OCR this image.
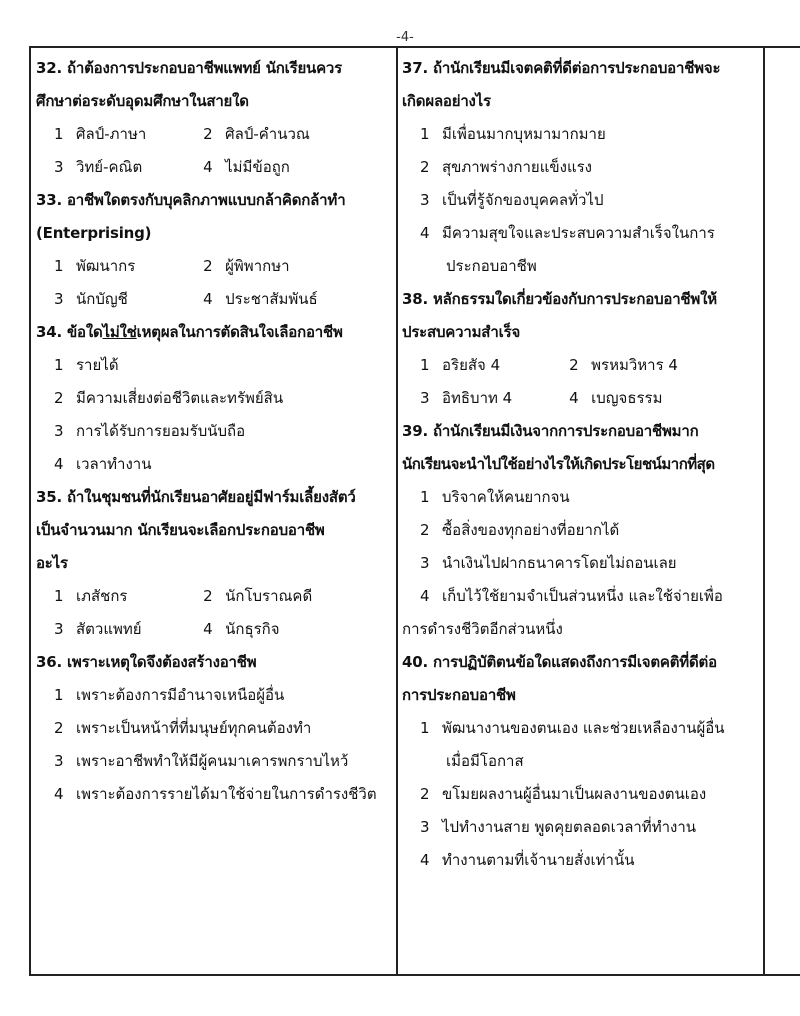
-4-
32. ถ้าต้องการประกอบอาชีพแพทย์ นักเรียนควร
ศึกษาต่อระดับอุดมศึกษาในสายใด
1 ศิลป์-ภาษา	2 ศิลป์-คำนวณ
3 วิทย์-คณิต	4 ไม่มีข้อถูก
33. อาชีพใดตรงกับบุคลิกภาพแบบกล้าคิดกล้าทำ
(Enterprising)
1 พัฒนากร	2 ผู้พิพากษา
3 นักบัญชี	4 ประชาสัมพันธ์
34. ข้อใดไม่ใช่เหตุผลในการตัดสินใจเลือกอาชีพ
1 รายได้
2 มีความเสี่ยงต่อชีวิตและทรัพย์สิน
3 การได้รับการยอมรับนับถือ
4 เวลาทำงาน
35. ถ้าในชุมชนที่นักเรียนอาศัยอยู่มีฟาร์มเลี้ยงสัตว์
เป็นจำนวนมาก นักเรียนจะเลือกประกอบอาชีพ
อะไร
1 เภสัชกร	2 นักโบราณคดี
3 สัตวแพทย์	4 นักธุรกิจ
36. เพราะเหตุใดจึงต้องสร้างอาชีพ
1 เพราะต้องการมีอำนาจเหนือผู้อื่น
2 เพราะเป็นหน้าที่ที่มนุษย์ทุกคนต้องทำ
3 เพราะอาชีพทำให้มีผู้คนมาเคารพกราบไหว้
4 เพราะต้องการรายได้มาใช้จ่ายในการดำรงชีวิต
37. ถ้านักเรียนมีเจตคติที่ดีต่อการประกอบอาชีพจะ
เกิดผลอย่างไร
1 มีเพื่อนมากบุหมามากมาย
2 สุขภาพร่างกายแข็งแรง
3 เป็นที่รู้จักของบุคคลทั่วไป
4 มีความสุขใจและประสบความสำเร็จในการ
ประกอบอาชีพ
38. หลักธรรมใดเกี่ยวข้องกับการประกอบอาชีพให้
ประสบความสำเร็จ
1 อริยสัจ 4	2 พรหมวิหาร 4
3 อิทธิบาท 4	4 เบญจธรรม
39. ถ้านักเรียนมีเงินจากการประกอบอาชีพมาก
นักเรียนจะนำไปใช้อย่างไรให้เกิดประโยชน์มากที่สุด
1 บริจาคให้คนยากจน
2 ซื้อสิ่งของทุกอย่างที่อยากได้
3 นำเงินไปฝากธนาคารโดยไม่ถอนเลย
4 เก็บไว้ใช้ยามจำเป็นส่วนหนึ่ง และใช้จ่ายเพื่อ
การดำรงชีวิตอีกส่วนหนึ่ง
40. การปฏิบัติตนข้อใดแสดงถึงการมีเจตคติที่ดีต่อ
การประกอบอาชีพ
1 พัฒนางานของตนเอง และช่วยเหลืองานผู้อื่น
เมื่อมีโอกาส
2 ขโมยผลงานผู้อื่นมาเป็นผลงานของตนเอง
3 ไปทำงานสาย พูดคุยตลอดเวลาที่ทำงาน
4 ทำงานตามที่เจ้านายสั่งเท่านั้น
